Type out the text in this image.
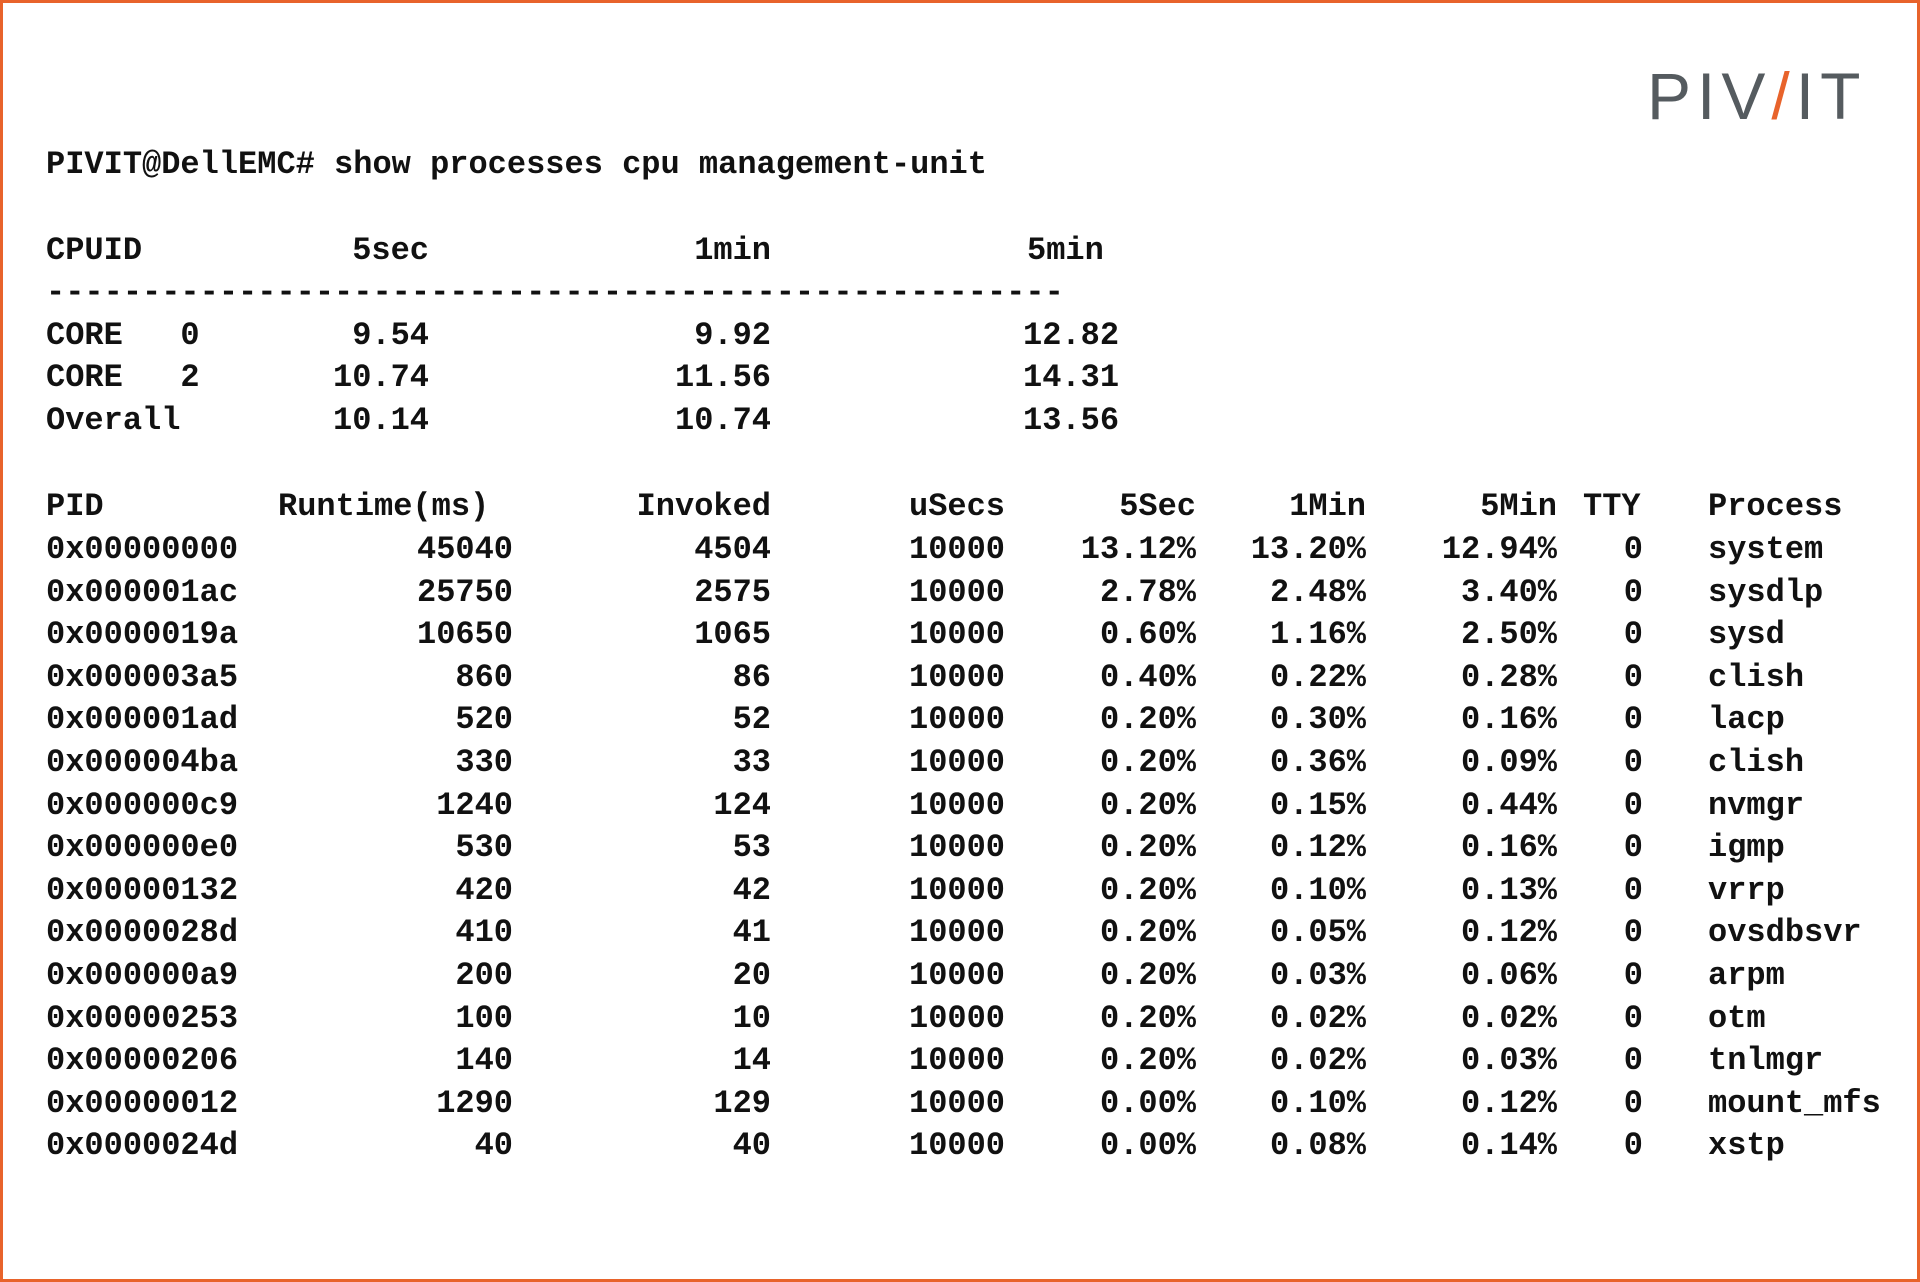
PIV/IT
PIVIT@DellEMC# show processes cpu management-unit
CPUID	5sec	1min	5min
-----------------------------------------------------
CORE   0	9.54	9.92	12.82
CORE   2	10.74	11.56	14.31
Overall	10.14	10.74	13.56
PID	Runtime(ms)	Invoked	uSecs	5Sec	1Min	5Min TTY	Process
0x00000000	45040	4504	10000	13.12%	13.20%	12.94%	0 system
0x000001ac	25750	2575	10000	2.78%	2.48%	3.40%	0 sysdlp
0x0000019a	10650	1065	10000	0.60%	1.16%	2.50%	0 sysd
0x000003a5	860	86	10000	0.40%	0.22%	0.28%	0 clish
0x000001ad	520	52	10000	0.20%	0.30%	0.16%	0 lacp
0x000004ba	330	33	10000	0.20%	0.36%	0.09%	0 clish
0x000000c9	1240	124	10000	0.20%	0.15%	0.44%	0 nvmgr
0x000000e0	530	53	10000	0.20%	0.12%	0.16%	0 igmp
0x00000132	420	42	10000	0.20%	0.10%	0.13%	0 vrrp
0x0000028d	410	41	10000	0.20%	0.05%	0.12%	0 ovsdbsvr
0x000000a9	200	20	10000	0.20%	0.03%	0.06%	0 arpm
0x00000253	100	10	10000	0.20%	0.02%	0.02%	0 otm
0x00000206	140	14	10000	0.20%	0.02%	0.03%	0 tnlmgr
0x00000012	1290	129	10000	0.00%	0.10%	0.12%	0 mount_mfs
0x0000024d	40	40	10000	0.00%	0.08%	0.14%	0 xstp
